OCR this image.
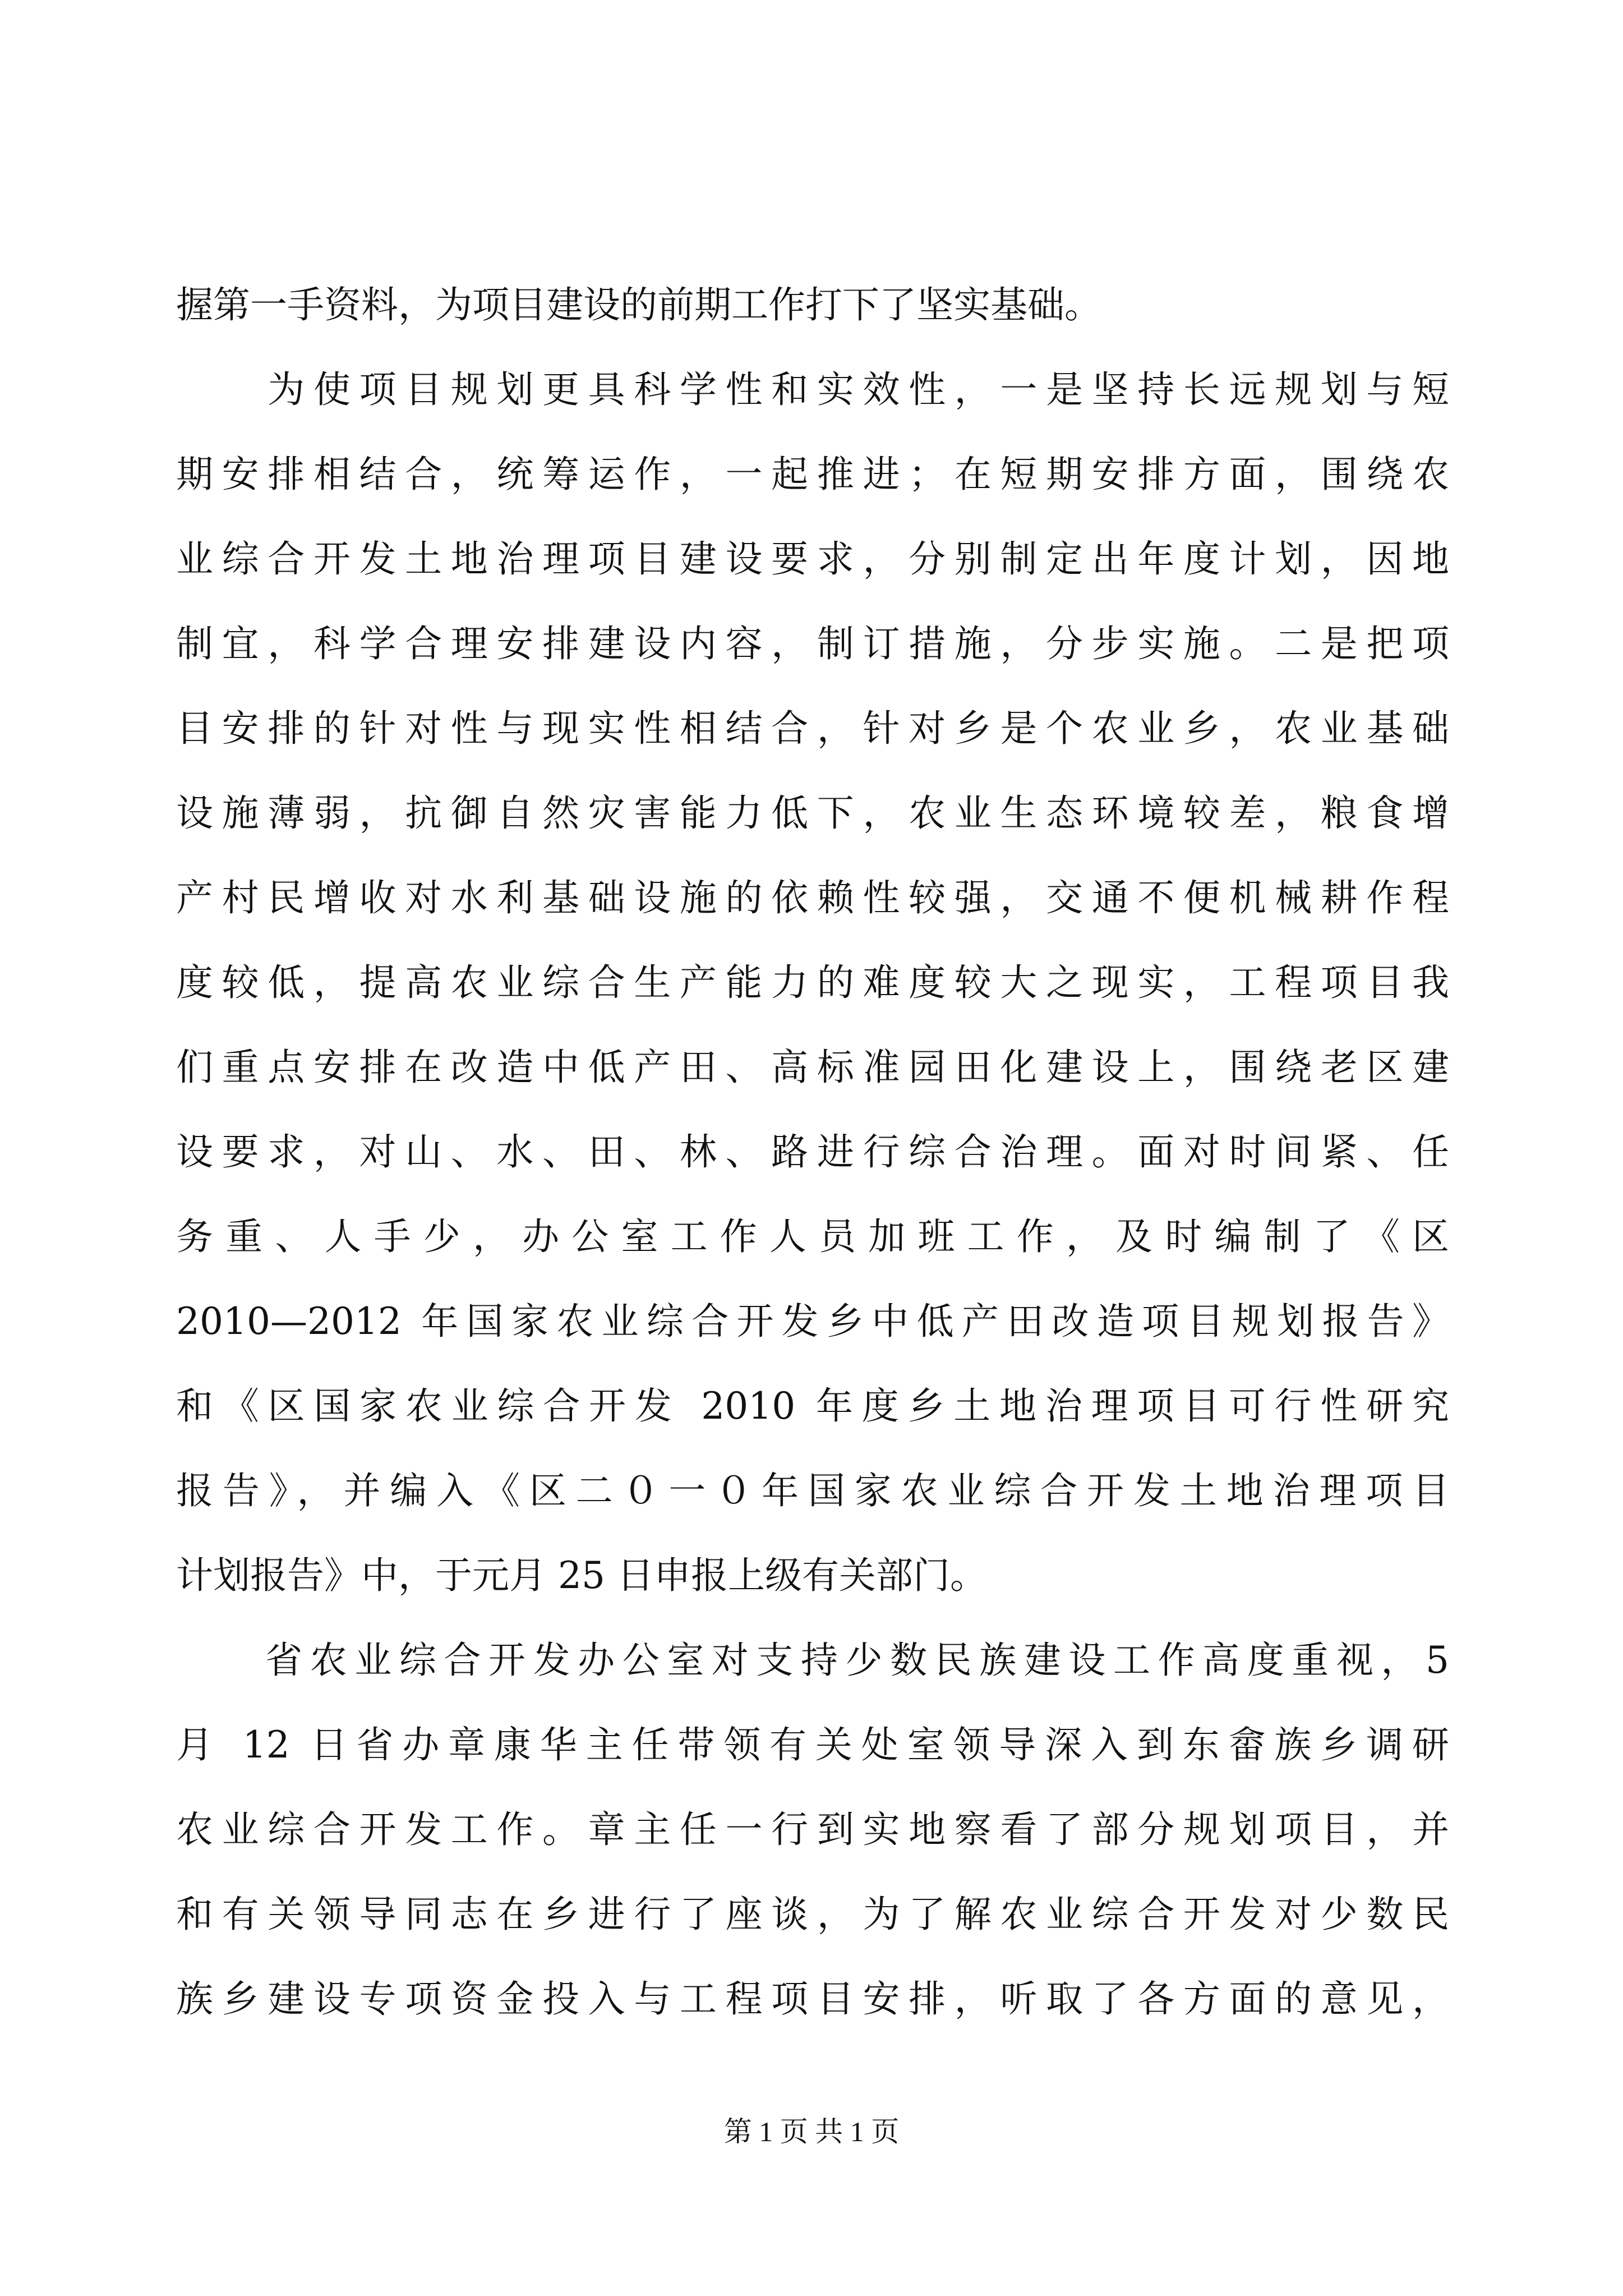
握第一手资料，为项目建设的前期工作打下了坚实基础。
　　为使项目规划更具科学性和实效性，一是坚持长远规划与短
期安排相结合，统筹运作，一起推进；在短期安排方面，围绕农
业综合开发土地治理项目建设要求，分别制定出年度计划，因地
制宜，科学合理安排建设内容，制订措施，分步实施。二是把项
目安排的针对性与现实性相结合，针对乡是个农业乡，农业基础
设施薄弱，抗御自然灾害能力低下，农业生态环境较差，粮食增
产村民增收对水利基础设施的依赖性较强，交通不便机械耕作程
度较低，提高农业综合生产能力的难度较大之现实，工程项目我
们重点安排在改造中低产田、高标准园田化建设上，围绕老区建
设要求，对山、水、田、林、路进行综合治理。面对时间紧、任
务重、人手少，办公室工作人员加班工作，及时编制了《区
2010—2012 年国家农业综合开发乡中低产田改造项目规划报告》
和《区国家农业综合开发 2010 年度乡土地治理项目可行性研究
报告》，并编入《区二０一０年国家农业综合开发土地治理项目
计划报告》中，于元月 25 日申报上级有关部门。
　　省农业综合开发办公室对支持少数民族建设工作高度重视，5
月 12 日省办章康华主任带领有关处室领导深入到东畲族乡调研
农业综合开发工作。章主任一行到实地察看了部分规划项目，并
和有关领导同志在乡进行了座谈，为了解农业综合开发对少数民
族乡建设专项资金投入与工程项目安排，听取了各方面的意见，
第 1 页 共 1 页
